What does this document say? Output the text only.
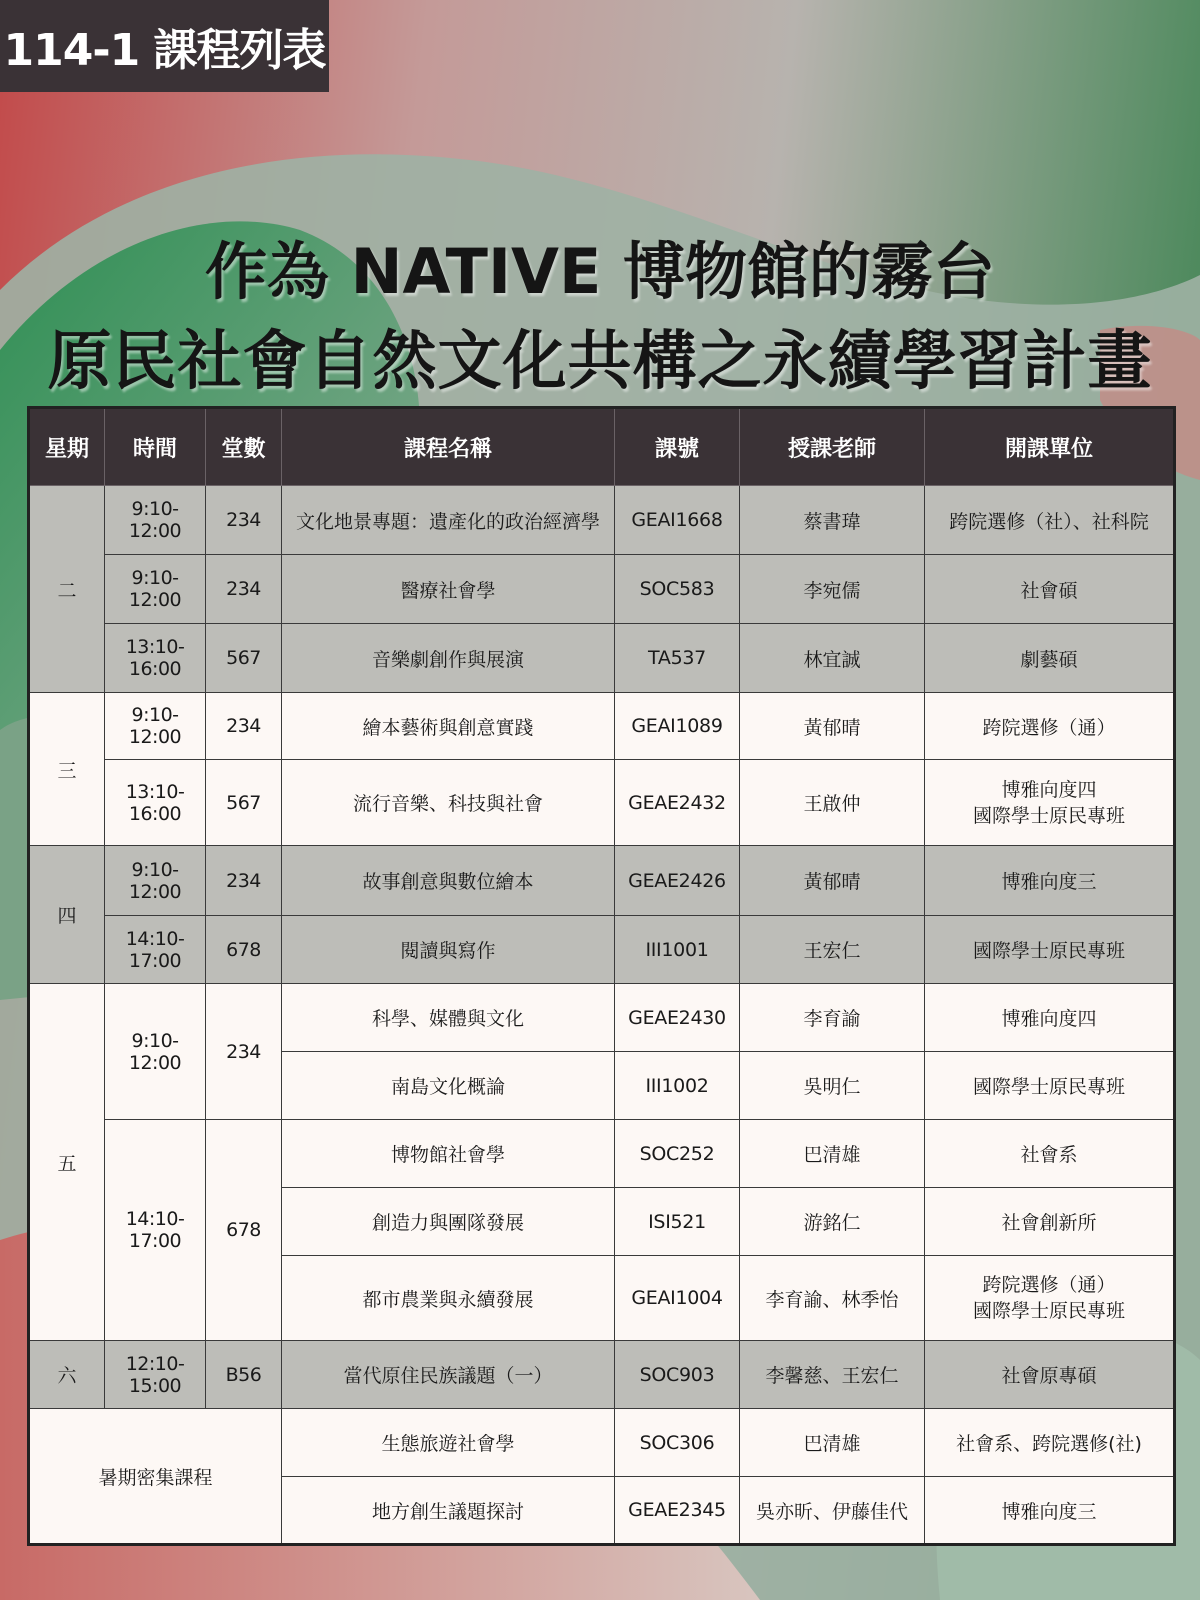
114-1 課程列表
作為 NATIVE 博物館的霧台
原民社會自然文化共構之永續學習計畫
星期	時間	堂數	課程名稱	課號	授課老師	開課單位
二	9:10-12:00	234	文化地景專題：遺產化的政治經濟學	GEAI1668	蔡書瑋	跨院選修（社）、社科院
	9:10-12:00	234	醫療社會學	SOC583	李宛儒	社會碩
	13:10-16:00	567	音樂劇創作與展演	TA537	林宜誠	劇藝碩
三	9:10-12:00	234	繪本藝術與創意實踐	GEAI1089	黃郁晴	跨院選修（通）
	13:10-16:00	567	流行音樂、科技與社會	GEAE2432	王啟仲	博雅向度四
國際學士原民專班

四	9:10-12:00	234	故事創意與數位繪本	GEAE2426	黃郁晴	博雅向度三
	14:10-17:00	678	閱讀與寫作	III1001	王宏仁	國際學士原民專班
五	9:10-12:00	234	科學、媒體與文化	GEAE2430	李育諭	博雅向度四
			南島文化概論	III1002	吳明仁	國際學士原民專班
	14:10-17:00	678	博物館社會學	SOC252	巴清雄	社會系
			創造力與團隊發展	ISI521	游銘仁	社會創新所
			都市農業與永續發展	GEAI1004	李育諭、林季怡	跨院選修（通）
國際學士原民專班

六	12:10-15:00	B56	當代原住民族議題（一）	SOC903	李馨慈、王宏仁	社會原專碩
暑期密集課程			生態旅遊社會學	SOC306	巴清雄	社會系、跨院選修(社)
			地方創生議題探討	GEAE2345	吳亦昕、伊藤佳代	博雅向度三
